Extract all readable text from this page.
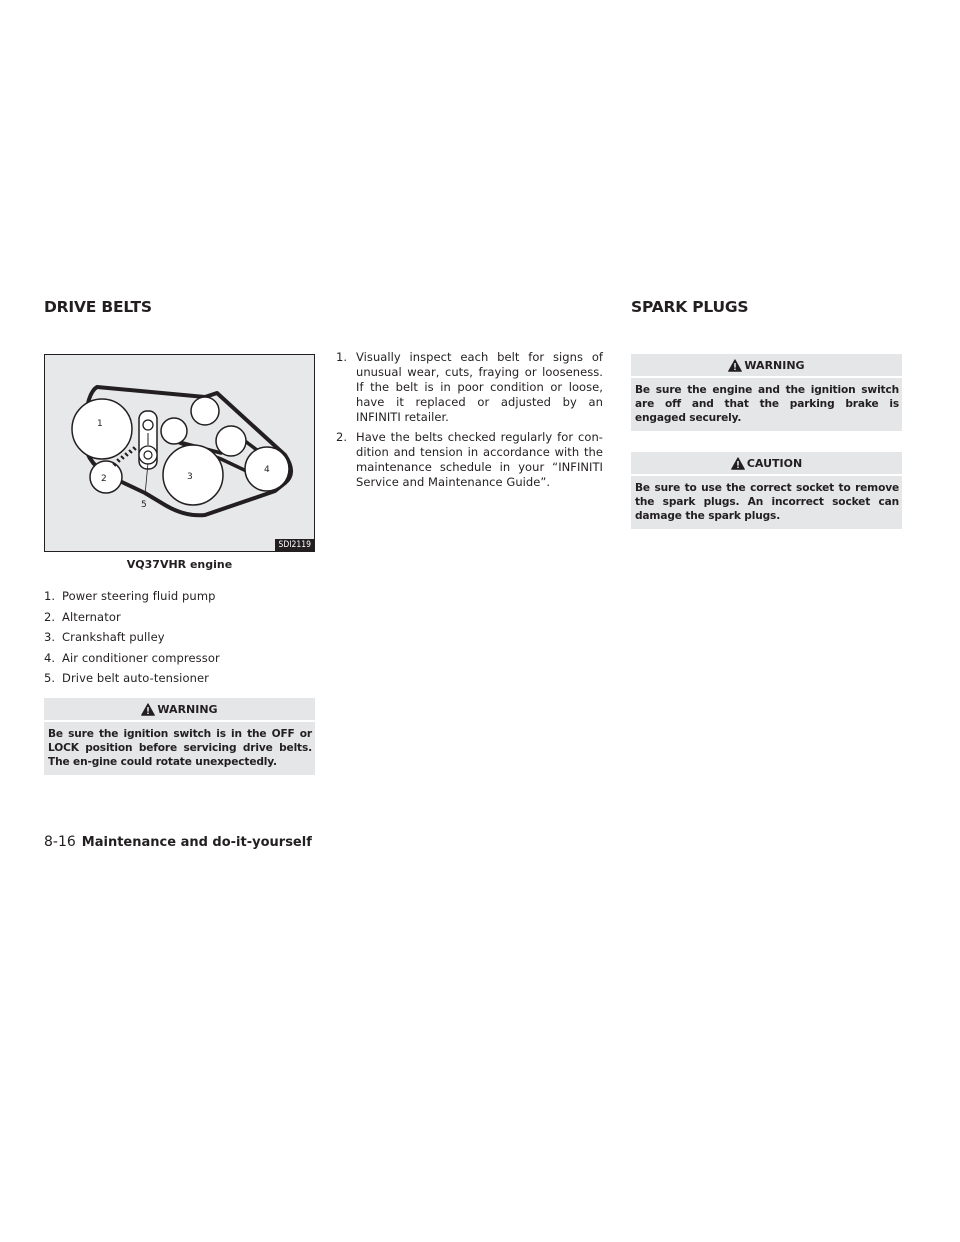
DRIVE BELTS	SPARK PLUGS
1
2	3
4
5
SDI2119
VQ37VHR engine
1. Power steering fluid pump
2. Alternator
3. Crankshaft pulley
4. Air conditioner compressor
5. Drive belt auto-tensioner
WARNING
Be sure the ignition switch is in the OFF or LOCK position before servicing drive belts. The en-gine could rotate unexpectedly.
1. Visually inspect each belt for signs of unusual wear, cuts, fraying or looseness. If the belt is in poor condition or loose, have it replaced or adjusted by an INFINITI retailer.
2. Have the belts checked regularly for con-dition and tension in accordance with the maintenance schedule in your “INFINITI Service and Maintenance Guide”.
WARNING
Be sure the engine and the ignition switch are off and that the parking brake is engaged securely.
CAUTION
Be sure to use the correct socket to remove the spark plugs. An incorrect socket can damage the spark plugs.
8-16 Maintenance and do-it-yourself
